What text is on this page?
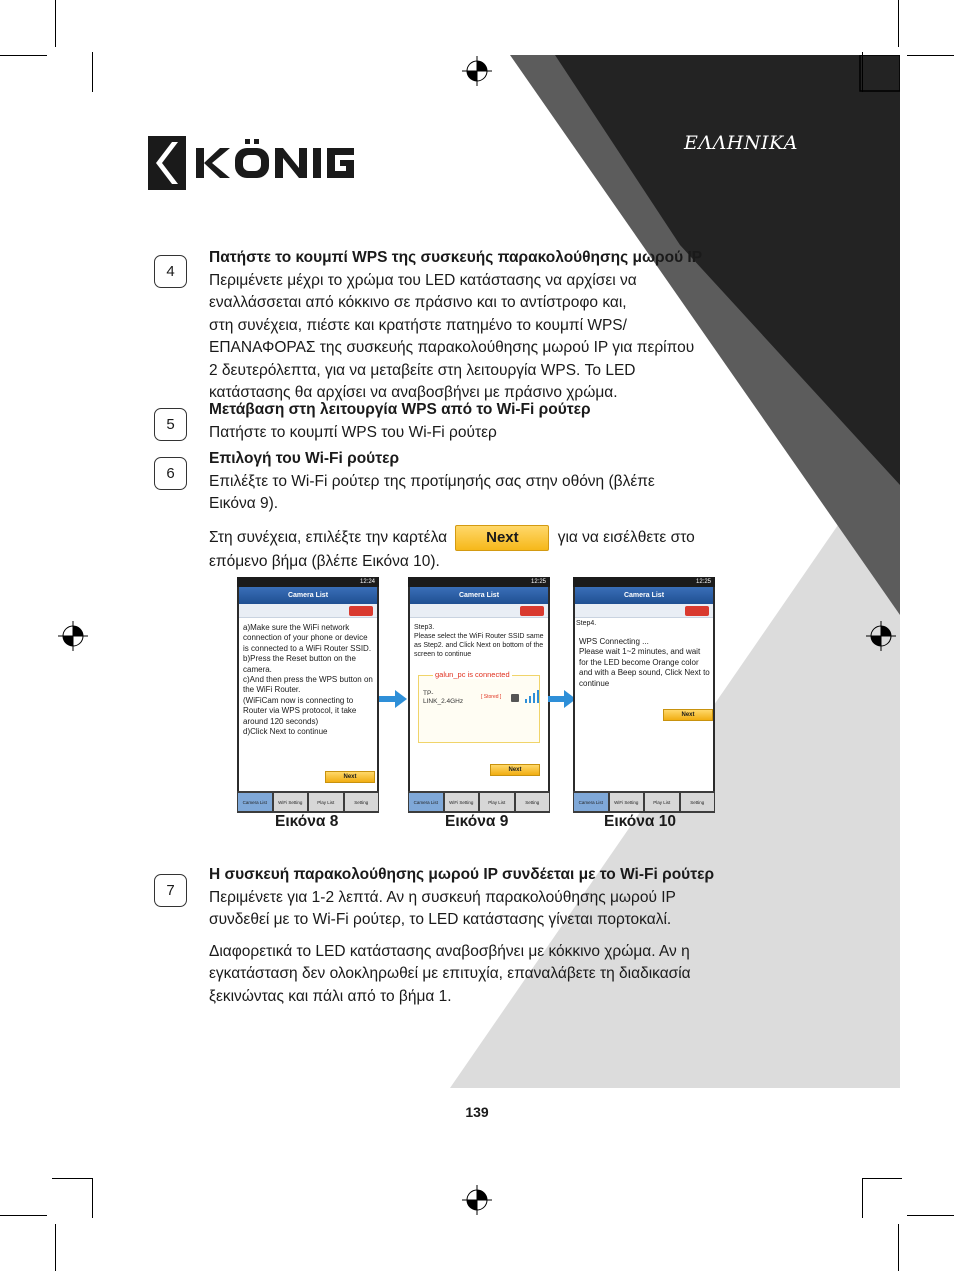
ΕΛΛΗΝΙΚΑ
4
Πατήστε το κουμπί WPS της συσκευής παρακολούθησης μωρού IP

Περιμένετε μέχρι το χρώμα του LED κατάστασης να αρχίσει να

εναλλάσσεται από κόκκινο σε πράσινο και το αντίστροφο και,

στη συνέχεια, πιέστε και κρατήστε πατημένο το κουμπί WPS/

ΕΠΑΝΑΦΟΡΑΣ της συσκευής παρακολούθησης μωρού IP για περίπου

2 δευτερόλεπτα, για να μεταβείτε στη λειτουργία WPS. Το LED

κατάστασης θα αρχίσει να αναβοσβήνει με πράσινο χρώμα.

5
Μετάβαση στη λειτουργία WPS από το Wi-Fi ρούτερ

Πατήστε το κουμπί WPS του Wi-Fi ρούτερ

6
Επιλογή του Wi-Fi ρούτερ

Επιλέξτε το Wi-Fi ρούτερ της προτίμησής σας στην οθόνη (βλέπε

Εικόνα 9).

Στη συνέχεια, επιλέξτε την καρτέλα	Next	για να εισέλθετε στο

επόμενο βήμα (βλέπε Εικόνα 10).

12:24
Camera List
a)Make sure the WiFi network connection of your phone or device is connected to a WiFi Router SSID.
b)Press the Reset button on the camera.
c)And then press the WPS button on the WiFi Router.
(WiFiCam now is connecting to Router via WPS protocol, it take around 120 seconds)
d)Click Next to continue
Next
Camera List	WiFi Setting	Play List	Setting
12:25
Camera List
Step3.
Please select the WiFi Router SSID same as Step2. and Click Next on bottom of the screen to continue
galun_pc is connected
TP-
LINK_2.4GHz
[ Stored ]
Next
Camera List	WiFi Setting	Play List	Setting
12:25
Camera List
Step4.
WPS Connecting ...
Please wait 1~2 minutes, and wait for the LED become Orange color and with a Beep sound, Click Next to continue
Next
Camera List	WiFi Setting	Play List	Setting
Εικόνα 8	Εικόνα 9	Εικόνα 10
7
Η συσκευή παρακολούθησης μωρού IP συνδέεται με το Wi-Fi ρούτερ

Περιμένετε για 1-2 λεπτά. Αν η συσκευή παρακολούθησης μωρού IP

συνδεθεί με το Wi-Fi ρούτερ, το LED κατάστασης γίνεται πορτοκαλί.

Διαφορετικά το LED κατάστασης αναβοσβήνει με κόκκινο χρώμα. Αν η

εγκατάσταση δεν ολοκληρωθεί με επιτυχία, επαναλάβετε τη διαδικασία

ξεκινώντας και πάλι από το βήμα 1.

139
